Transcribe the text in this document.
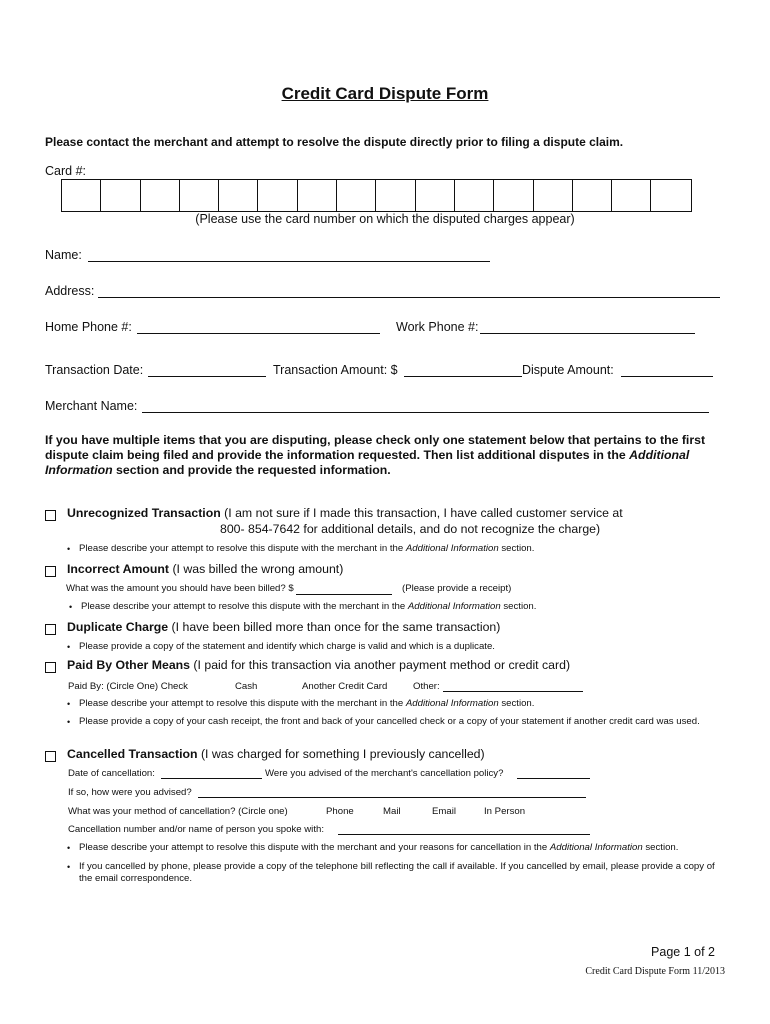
Credit Card Dispute Form
Please contact the merchant and attempt to resolve the dispute directly prior to filing a dispute claim.
Card #:
(Please use the card number on which the disputed charges appear)
Name:
Address:
Home Phone #:	Work Phone #:
Transaction Date:	Transaction Amount: $	Dispute Amount:
Merchant Name:
If you have multiple items that you are disputing, please check only one statement below that pertains to the first dispute claim being filed and provide the information requested. Then list additional disputes in the Additional Information section and provide the requested information.
Unrecognized Transaction (I am not sure if I made this transaction, I have called customer service at
800- 854-7642 for additional details, and do not recognize the charge)
• Please describe your attempt to resolve this dispute with the merchant in the Additional Information section.
Incorrect Amount (I was billed the wrong amount)
What was the amount you should have been billed? $	(Please provide a receipt)
• Please describe your attempt to resolve this dispute with the merchant in the Additional Information section.
Duplicate Charge (I have been billed more than once for the same transaction)
• Please provide a copy of the statement and identify which charge is valid and which is a duplicate.
Paid By Other Means (I paid for this transaction via another payment method or credit card)
Paid By: (Circle One) Check	Cash	Another Credit Card	Other:
• Please describe your attempt to resolve this dispute with the merchant in the Additional Information section.
• Please provide a copy of your cash receipt, the front and back of your cancelled check or a copy of your statement if another credit card was used.
Cancelled Transaction (I was charged for something I previously cancelled)
Date of cancellation:	Were you advised of the merchant's cancellation policy?
If so, how were you advised?
What was your method of cancellation? (Circle one)	Phone	Mail	Email	In Person
Cancellation number and/or name of person you spoke with:
• Please describe your attempt to resolve this dispute with the merchant and your reasons for cancellation in the Additional Information section.
• If you cancelled by phone, please provide a copy of the telephone bill reflecting the call if available. If you cancelled by email, please provide a copy of the email correspondence.
Page 1 of 2
Credit Card Dispute Form 11/2013
